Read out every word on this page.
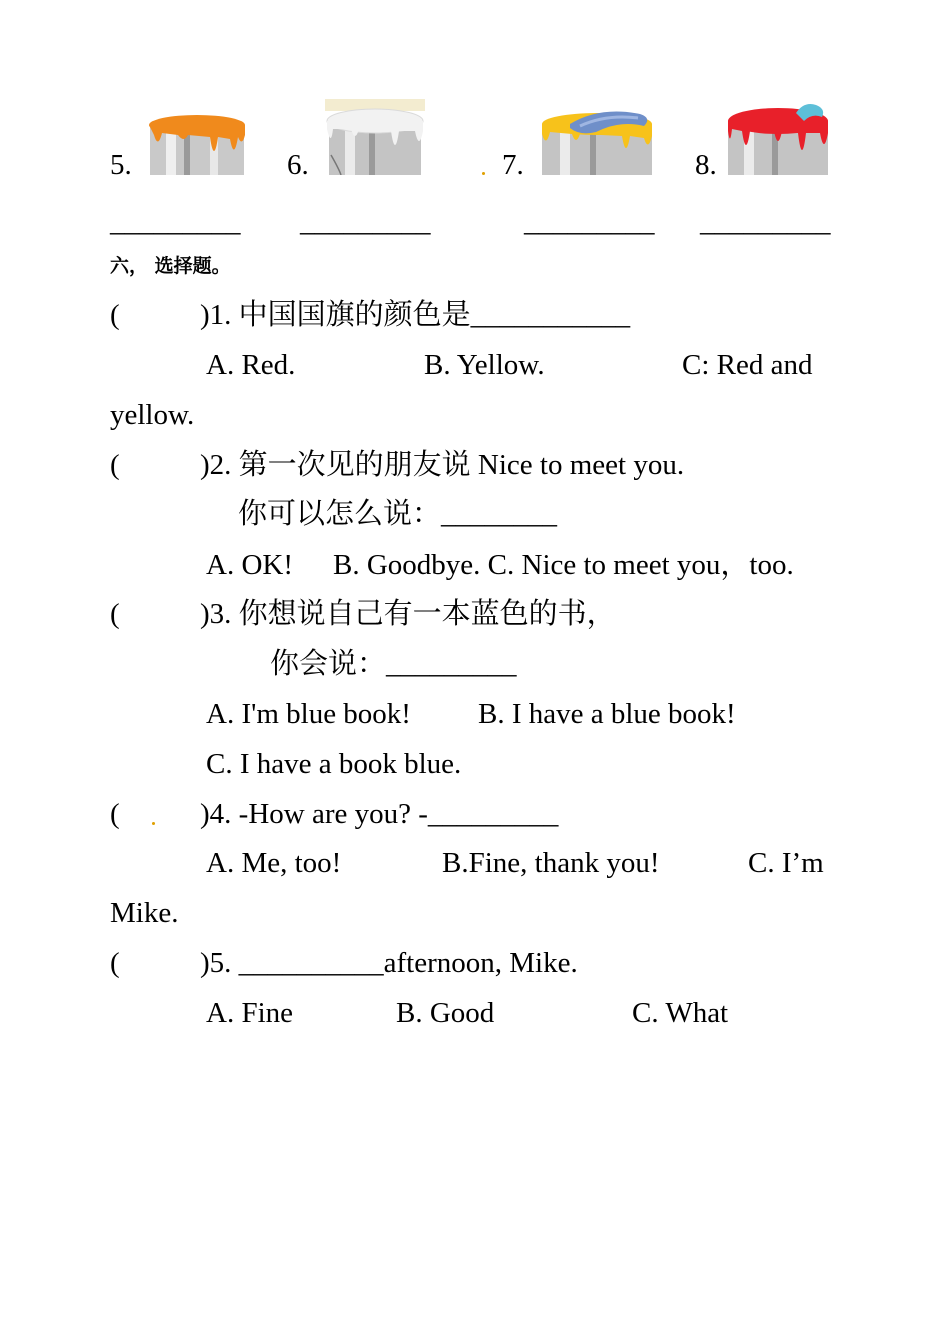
5.	6.	7.	8.
_________ _________	_________ _________
六， 选择题。
(	)1. 中国国旗的颜色是___________
A. Red.	B. Yellow.	C: Red and
yellow.
(	)2. 第一次见的朋友说 Nice to meet you.
你可以怎么说：________
A. OK! B. Goodbye. C. Nice to meet you，too.
(	)3. 你想说自己有一本蓝色的书，
你会说：_________
A. I'm blue book! B. I have a blue book!
C. I have a book blue.
(	)4. -How are you? -_________
A. Me, too!	B.Fine, thank you!	C. I’m
Mike.
(	)5. __________afternoon, Mike.
A. Fine	B. Good	C. What
